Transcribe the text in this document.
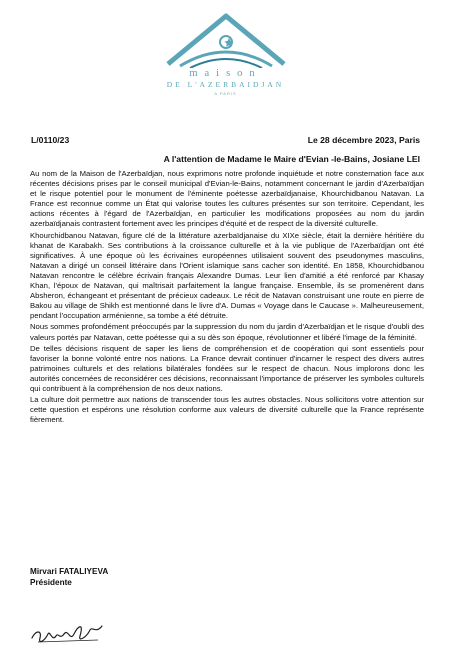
maison
DE L'AZERBAIDJAN
A PARIS
L/0110/23	Le 28 décembre 2023, Paris
A l'attention de Madame le Maire d'Evian -le-Bains, Josiane LEI

Au nom de la Maison de l'Azerbaïdjan, nous exprimons notre profonde inquiétude et notre consternation face aux récentes décisions prises par le conseil municipal d'Evian-le-Bains, notamment concernant le jardin d'Azerbaïdjan et le risque potentiel pour le monument de l'éminente poétesse azerbaïdjanaise, Khourchidbanou Natavan. La France est reconnue comme un État qui valorise toutes les cultures présentes sur son territoire. Cependant, les actions récentes à l'égard de l'Azerbaïdjan, en particulier les modifications proposées au nom du jardin azerbaïdjanais contrastent fortement avec les principes d'équité et de respect de la diversité culturelle.

Khourchidbanou Natavan, figure clé de la littérature azerbaïdjanaise du XIXe siècle, était la dernière héritière du khanat de Karabakh. Ses contributions à la croissance culturelle et à la vie publique de l'Azerbaïdjan ont été significatives. À une époque où les écrivaines européennes utilisaient souvent des pseudonymes masculins, Natavan a dirigé un conseil littéraire dans l'Orient islamique sans cacher son identité. En 1858, Khourchidbanou Natavan rencontre le célèbre écrivain français Alexandre Dumas. Leur lien d'amitié a été renforcé par Khasay Khan, l'époux de Natavan, qui maîtrisait parfaitement la langue française. Ensemble, ils se promenèrent dans Absheron, échangeant et présentant de précieux cadeaux. Le récit de Natavan construisant une route en pierre de Bakou au village de Shikh est mentionné dans le livre d'A. Dumas « Voyage dans le Caucase ». Malheureusement, pendant l'occupation arménienne, sa tombe a été détruite.

Nous sommes profondément préoccupés par la suppression du nom du jardin d'Azerbaïdjan et le risque d'oubli des valeurs portés par Natavan, cette poétesse qui a su dès son époque, révolutionner et libéré l'image de la féminité.

De telles décisions risquent de saper les liens de compréhension et de coopération qui sont essentiels pour favoriser la bonne volonté entre nos nations. La France devrait continuer d'incarner le respect des divers autres patrimoines culturels et des relations bilatérales fondées sur le respect de chacun. Nous implorons donc les autorités concernées de reconsidérer ces décisions, reconnaissant l'importance de préserver les symboles culturels qui contribuent à la compréhension de nos deux nations.

La culture doit permettre aux nations de transcender tous les autres obstacles. Nous sollicitons votre attention sur cette question et espérons une résolution conforme aux valeurs de diversité culturelle que la France représente fièrement.

Mirvari FATALIYEVA
Présidente
